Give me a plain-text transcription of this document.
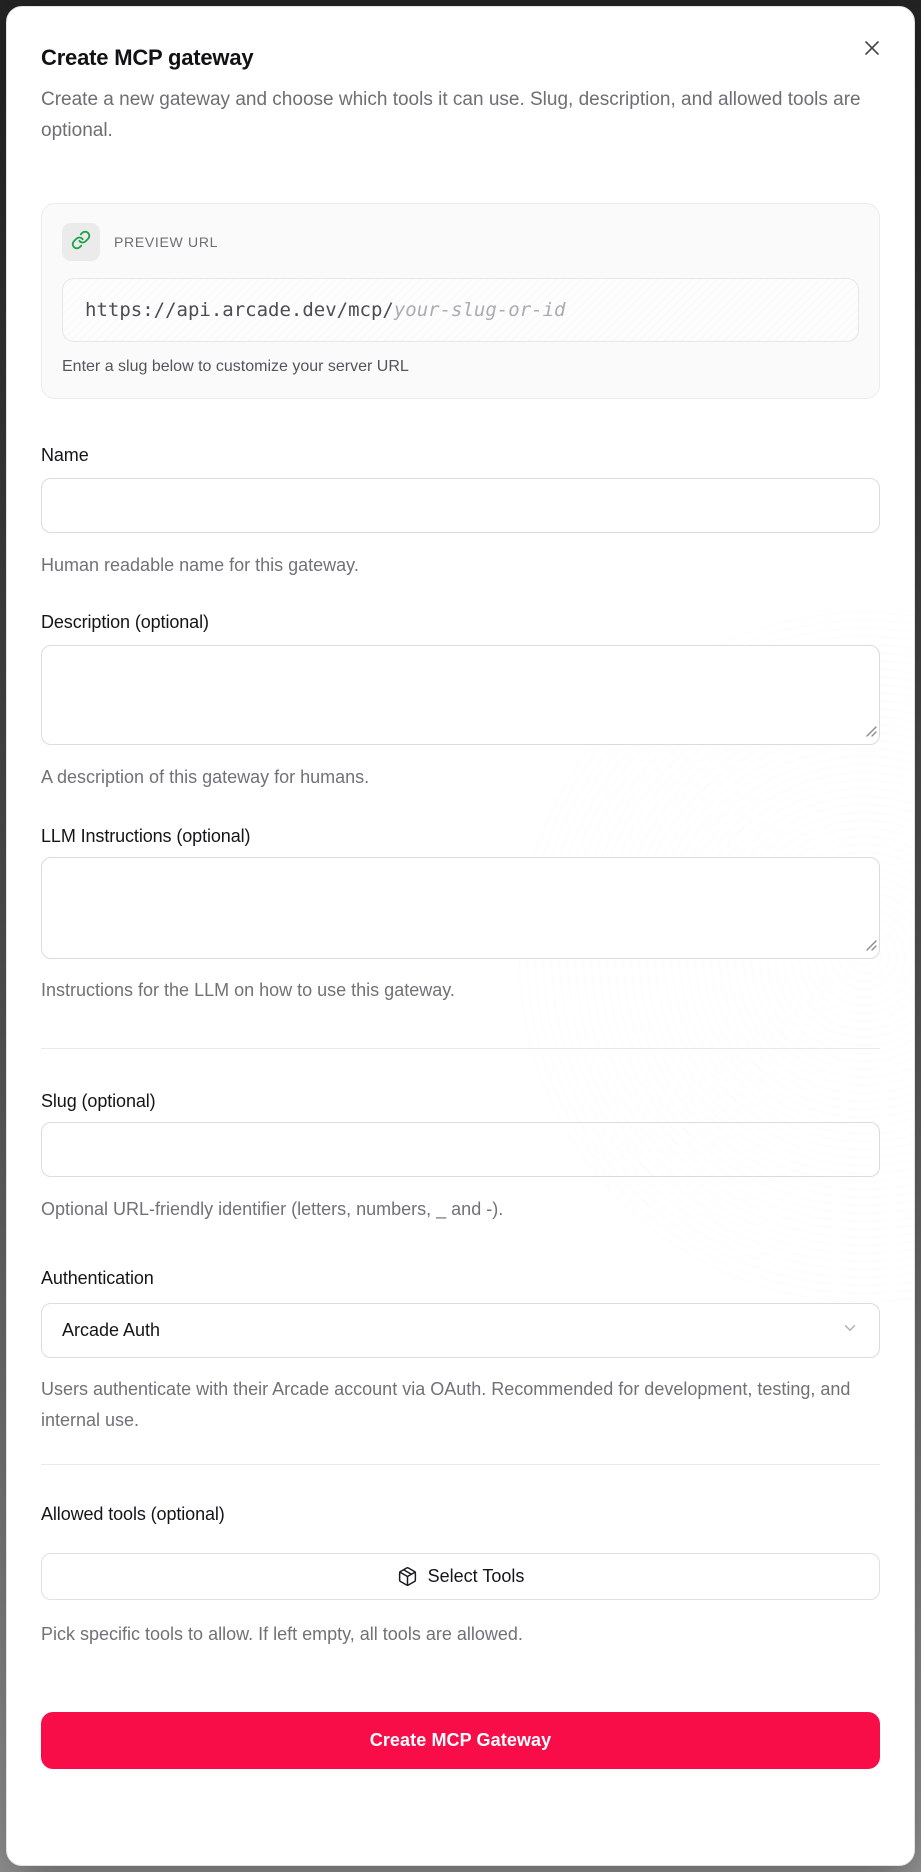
Create MCP gateway

Create a new gateway and choose which tools it can use. Slug, description, and allowed tools are optional.

PREVIEW URL
https://api.arcade.dev/mcp/ your-slug-or-id
Enter a slug below to customize your server URL
Name
Human readable name for this gateway.
Description (optional)
A description of this gateway for humans.
LLM Instructions (optional)
Instructions for the LLM on how to use this gateway.
Slug (optional)
Optional URL-friendly identifier (letters, numbers, _ and -).
Authentication
Arcade Auth
Users authenticate with their Arcade account via OAuth. Recommended for development, testing, and internal use.
Allowed tools (optional)
Select Tools
Pick specific tools to allow. If left empty, all tools are allowed.
Create MCP Gateway
